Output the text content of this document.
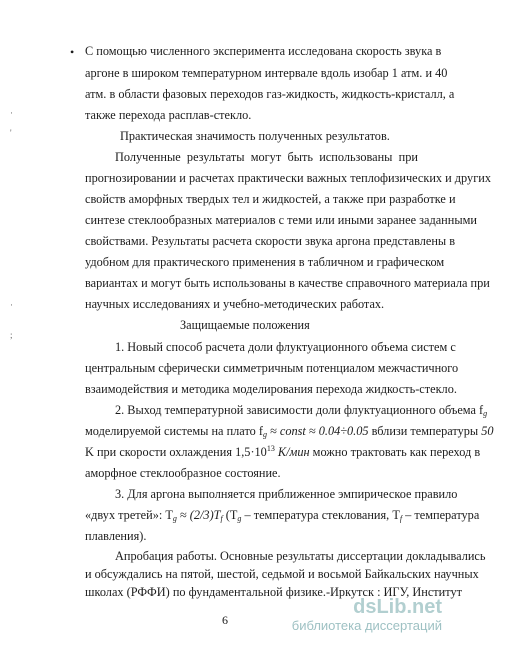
• С помощью численного эксперимента исследована скорость звука в
аргоне в широком температурном интервале вдоль изобар 1 атм. и 40
атм. в области фазовых переходов газ-жидкость, жидкость-кристалл, а
также перехода расплав-стекло.
Практическая значимость полученных результатов.
Полученные результаты могут быть использованы при
прогнозировании и расчетах практически важных теплофизических и других
свойств аморфных твердых тел и жидкостей, а также при разработке и
синтезе стеклообразных материалов с теми или иными заранее заданными
свойствами. Результаты расчета скорости звука аргона представлены в
удобном для практического применения в табличном и графическом
вариантах и могут быть использованы в качестве справочного материала при
научных исследованиях и учебно-методических работах.
Защищаемые положения
1. Новый способ расчета доли флуктуационного объема систем с
центральным сферически симметричным потенциалом межчастичного
взаимодействия и методика моделирования перехода жидкость-стекло.
2. Выход температурной зависимости доли флуктуационного объема $f_g$
моделируемой системы на плато $f_g$ ≈ const ≈ 0.04÷0.05 вблизи температуры 50
K при скорости охлаждения $1,5\cdot 10^{13}$ К/мин можно трактовать как переход в
аморфное стеклообразное состояние.
3. Для аргона выполняется приближенное эмпирическое правило
«двух третей»: $T_g \approx (2/3)T_f$ ($T_g$ – температура стеклования, $T_f$ – температура
плавления).
Апробация работы. Основные результаты диссертации докладывались
и обсуждались на пятой, шестой, седьмой и восьмой Байкальских научных
школах (РФФИ) по фундаментальной физике.-Иркутск : ИГУ, Институт
6
·
'
·
;
dsLib.net
библиотека диссертаций
